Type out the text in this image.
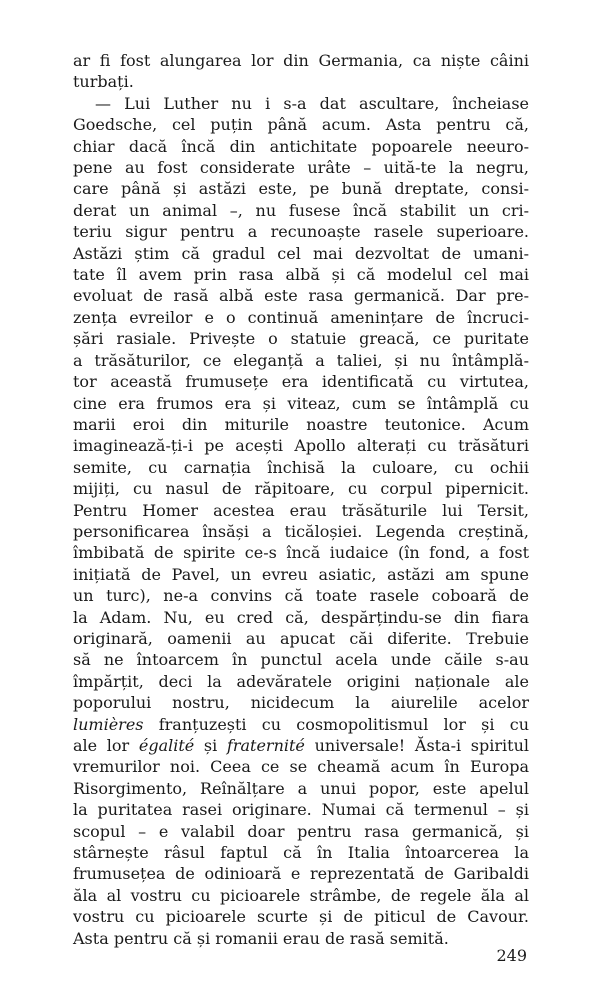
ar fi fost alungarea lor din Germania, ca niște câini
turbați.
— Lui Luther nu i s-a dat ascultare, încheiase
Goedsche, cel puțin până acum. Asta pentru că,
chiar dacă încă din antichitate popoarele neeuro-
pene au fost considerate urâte – uită-te la negru,
care până și astăzi este, pe bună dreptate, consi-
derat un animal –, nu fusese încă stabilit un cri-
teriu sigur pentru a recunoaște rasele superioare.
Astăzi știm că gradul cel mai dezvoltat de umani-
tate îl avem prin rasa albă și că modelul cel mai
evoluat de rasă albă este rasa germanică. Dar pre-
zența evreilor e o continuă amenințare de încruci-
șări rasiale. Privește o statuie greacă, ce puritate
a trăsăturilor, ce eleganță a taliei, și nu întâmplă-
tor această frumusețe era identificată cu virtutea,
cine era frumos era și viteaz, cum se întâmplă cu
marii eroi din miturile noastre teutonice. Acum
imaginează-ți-i pe acești Apollo alterați cu trăsături
semite, cu carnația închisă la culoare, cu ochii
mijiți, cu nasul de răpitoare, cu corpul pipernicit.
Pentru Homer acestea erau trăsăturile lui Tersit,
personificarea însăși a ticăloșiei. Legenda creștină,
îmbibată de spirite ce-s încă iudaice (în fond, a fost
inițiată de Pavel, un evreu asiatic, astăzi am spune
un turc), ne-a convins că toate rasele coboară de
la Adam. Nu, eu cred că, despărțindu-se din fiara
originară, oamenii au apucat căi diferite. Trebuie
să ne întoarcem în punctul acela unde căile s-au
împărțit, deci la adevăratele origini naționale ale
poporului nostru, nicidecum la aiurelile acelor
lumières franțuzești cu cosmopolitismul lor și cu
ale lor égalité și fraternité universale! Ăsta-i spiritul
vremurilor noi. Ceea ce se cheamă acum în Europa
Risorgimento, Reînălțare a unui popor, este apelul
la puritatea rasei originare. Numai că termenul – și
scopul – e valabil doar pentru rasa germanică, și
stârnește râsul faptul că în Italia întoarcerea la
frumusețea de odinioară e reprezentată de Garibaldi
ăla al vostru cu picioarele strâmbe, de regele ăla al
vostru cu picioarele scurte și de piticul de Cavour.
Asta pentru că și romanii erau de rasă semită.
249
